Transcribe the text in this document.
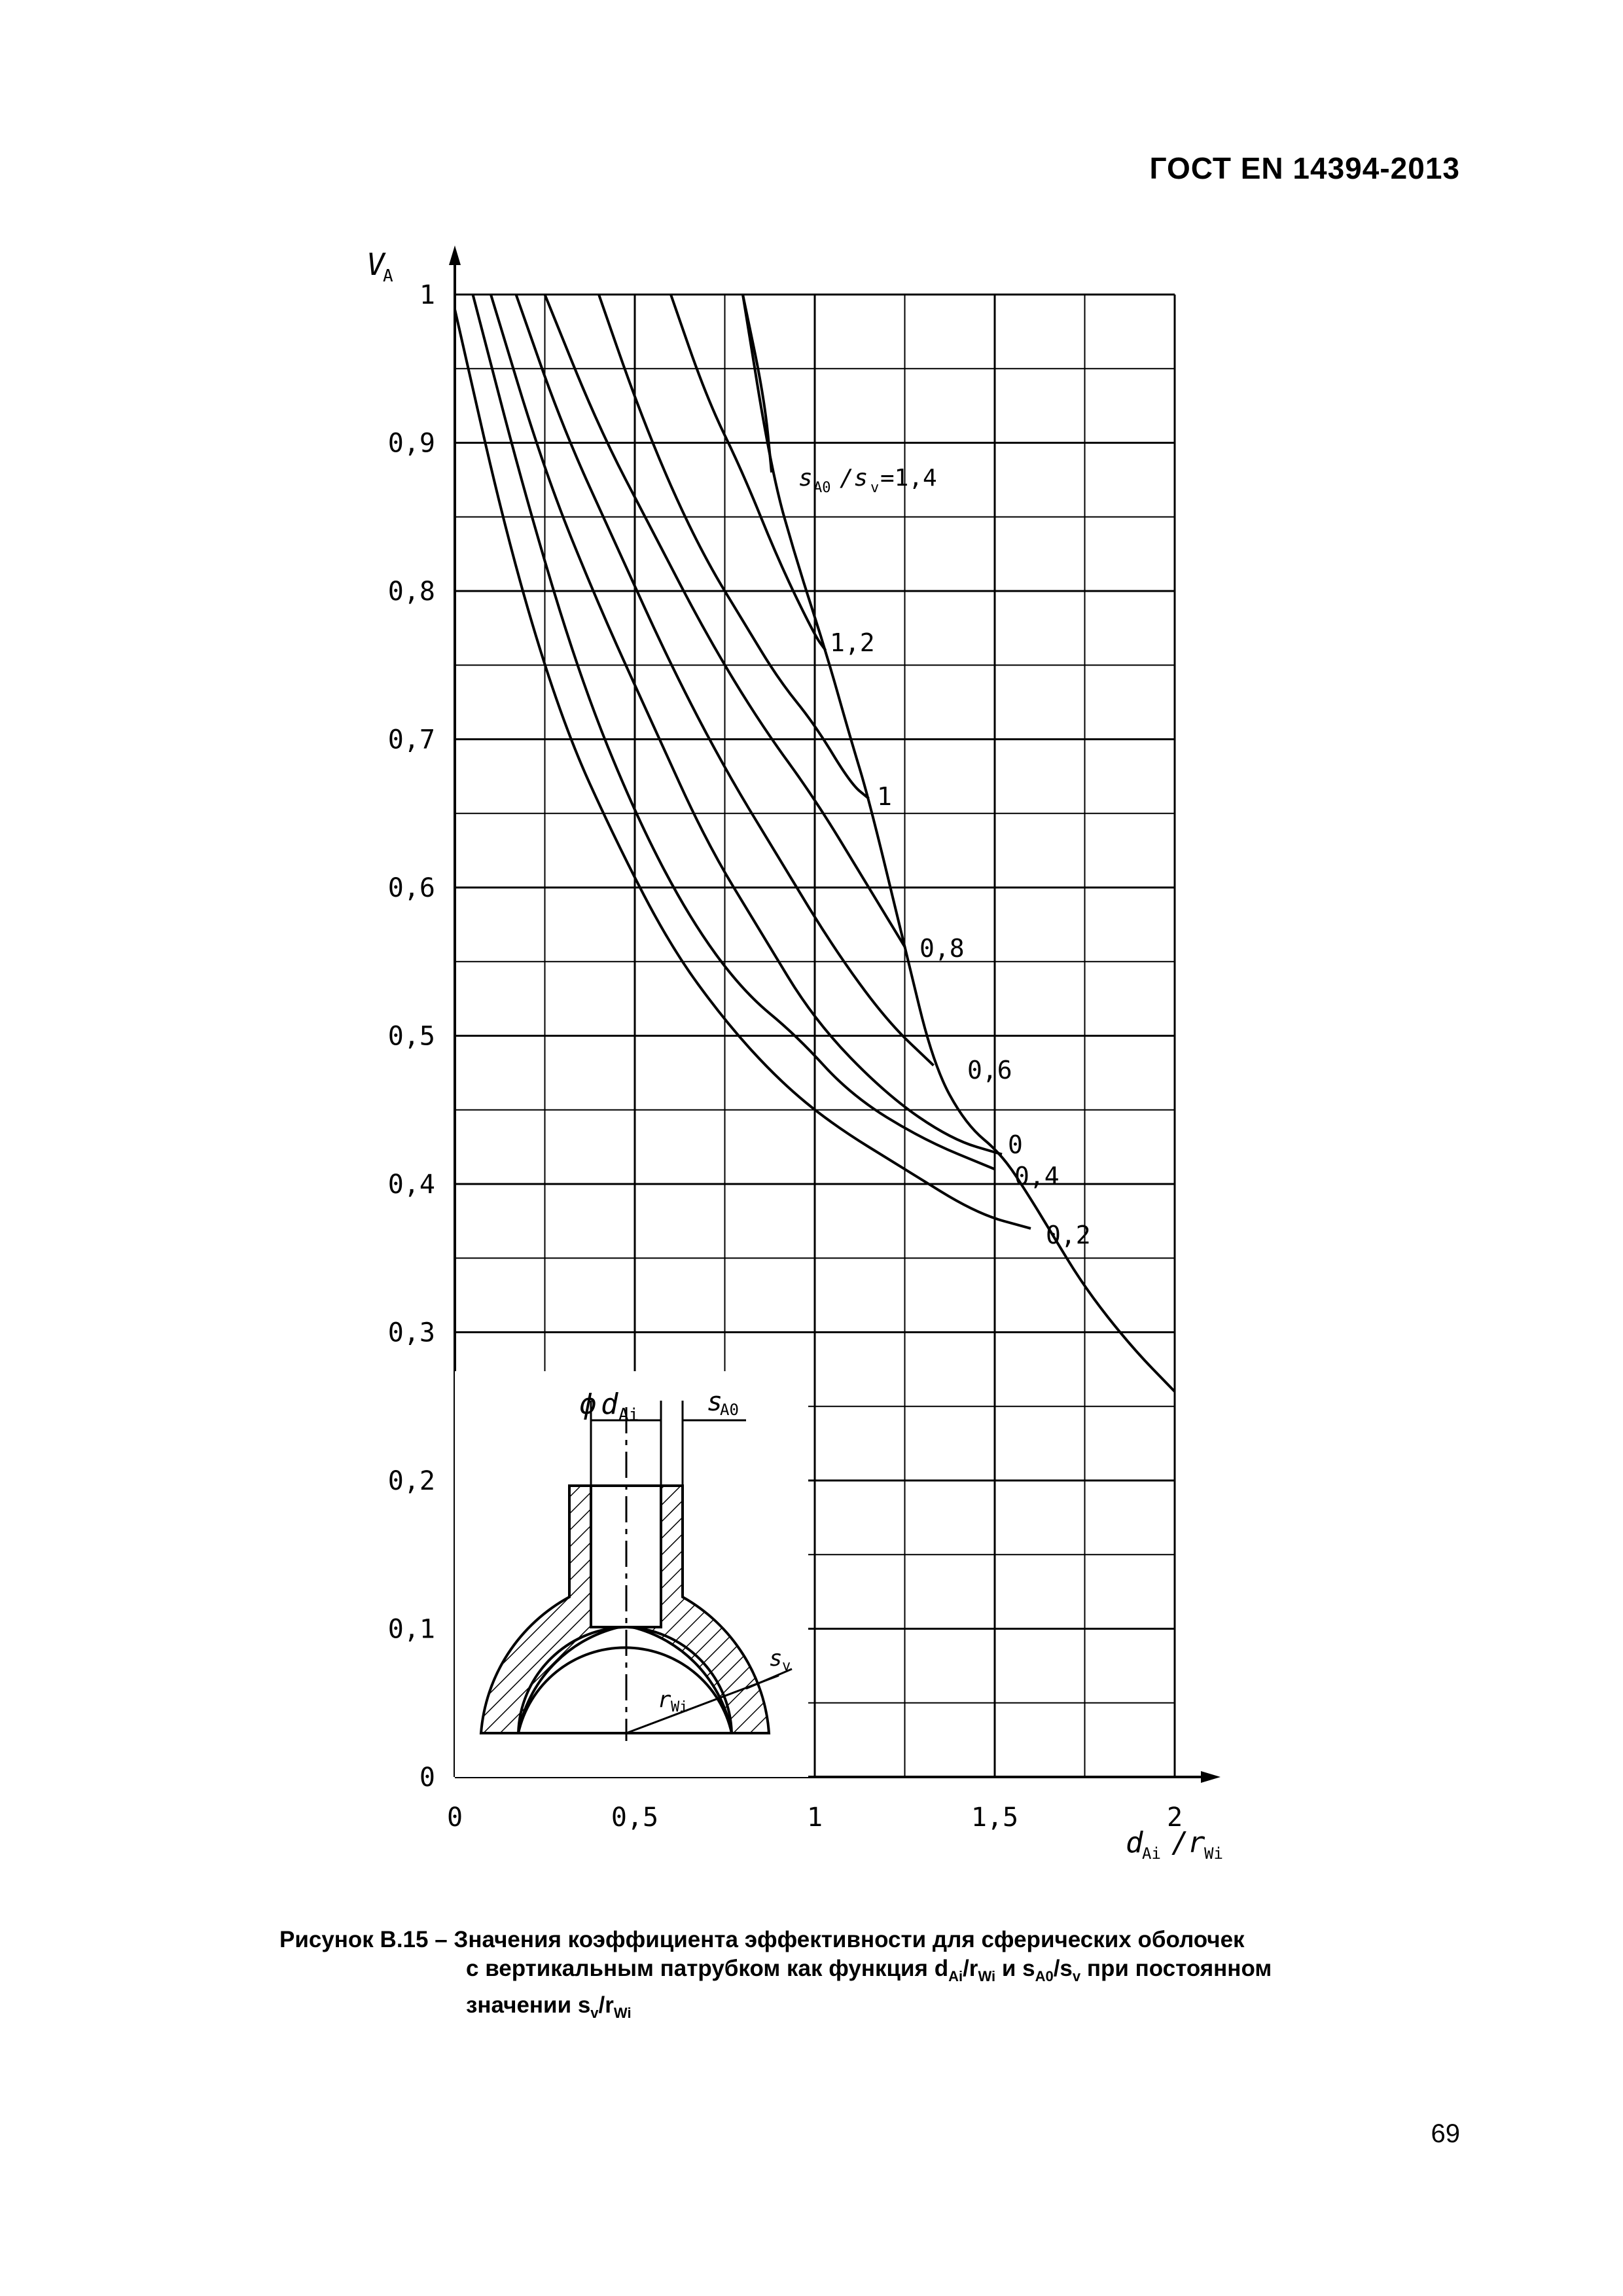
ГОСТ EN 14394-2013
0
0,1
0,2
0,3
0,4
0,5
0,6
0,7
0,8
0,9
1
0	0,5	1	1,5	2
V
A
d
Ai /
r
Wi
s A0 /s v =1,4
1,2
1
0,8
0,6
0
0,4
0,2
ϕ d Ai	s
A0
s v
r Wi
Рисунок В.15 – Значения коэффициента эффективности для сферических оболочек
с вертикальным патрубком как функция $d_{Ai}/r_{Wi}$ и $s_{A0}/s_v$ при постоянном
значении $s_v/r_{Wi}$
69
